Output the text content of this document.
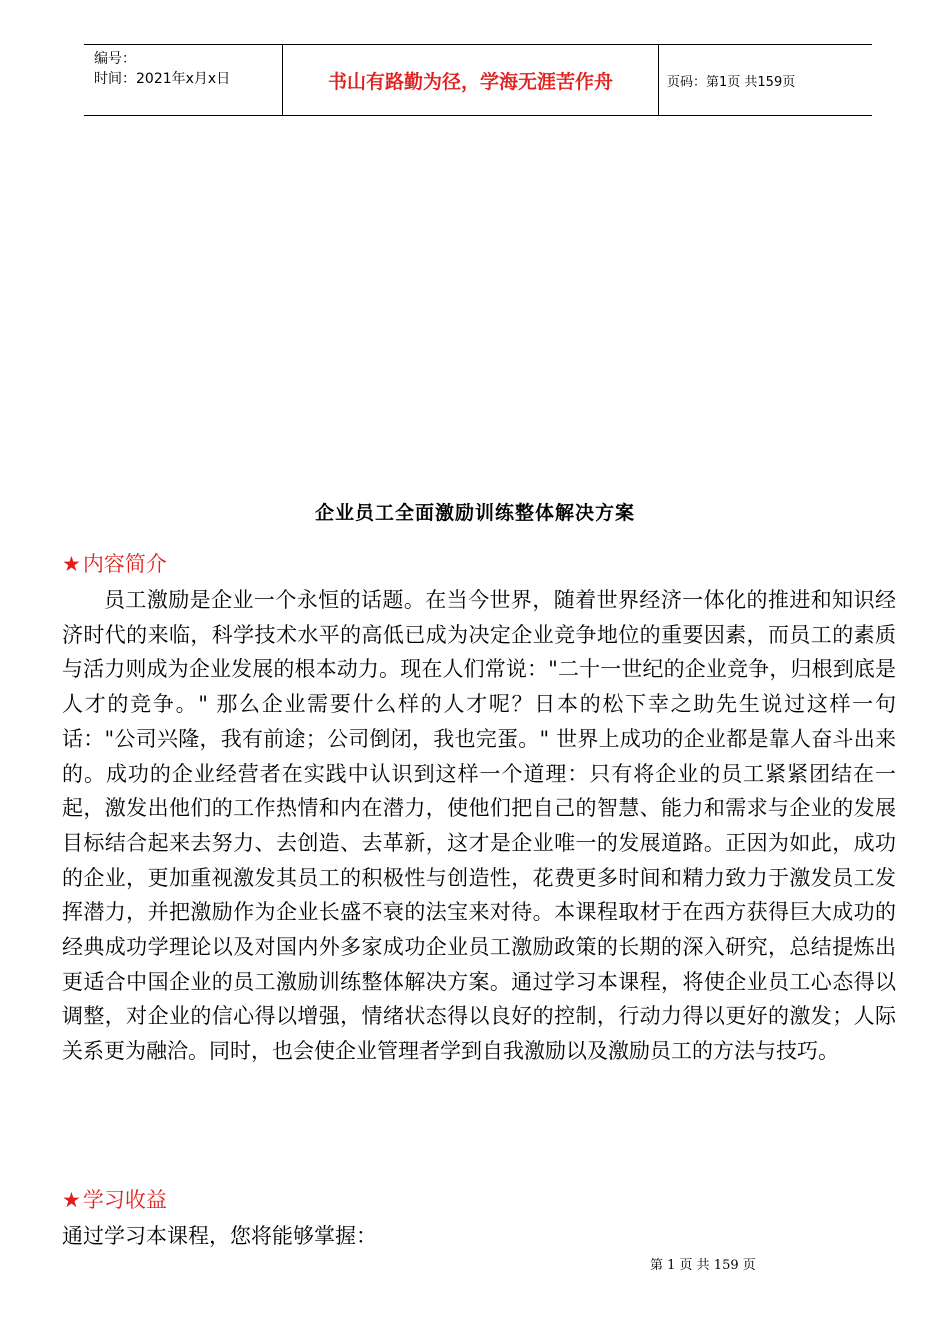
编号：
时间：2021年x月x日	书山有路勤为径，学海无涯苦作舟	页码：第1页 共159页
企业员工全面激励训练整体解决方案
★内容简介

员工激励是企业一个永恒的话题。在当今世界，随着世界经济一体化的推进和知识经济时代的来临，科学技术水平的高低已成为决定企业竞争地位的重要因素，而员工的素质与活力则成为企业发展的根本动力。现在人们常说："二十一世纪的企业竞争，归根到底是人才的竞争。" 那么企业需要什么样的人才呢？日本的松下幸之助先生说过这样一句话："公司兴隆，我有前途；公司倒闭，我也完蛋。" 世界上成功的企业都是靠人奋斗出来的。成功的企业经营者在实践中认识到这样一个道理：只有将企业的员工紧紧团结在一起，激发出他们的工作热情和内在潜力，使他们把自己的智慧、能力和需求与企业的发展目标结合起来去努力、去创造、去革新，这才是企业唯一的发展道路。正因为如此，成功的企业，更加重视激发其员工的积极性与创造性，花费更多时间和精力致力于激发员工发挥潜力，并把激励作为企业长盛不衰的法宝来对待。本课程取材于在西方获得巨大成功的经典成功学理论以及对国内外多家成功企业员工激励政策的长期的深入研究，总结提炼出更适合中国企业的员工激励训练整体解决方案。通过学习本课程，将使企业员工心态得以调整，对企业的信心得以增强，情绪状态得以良好的控制，行动力得以更好的激发；人际关系更为融洽。同时，也会使企业管理者学到自我激励以及激励员工的方法与技巧。

★学习收益

通过学习本课程，您将能够掌握：

第 1 页 共 159 页
